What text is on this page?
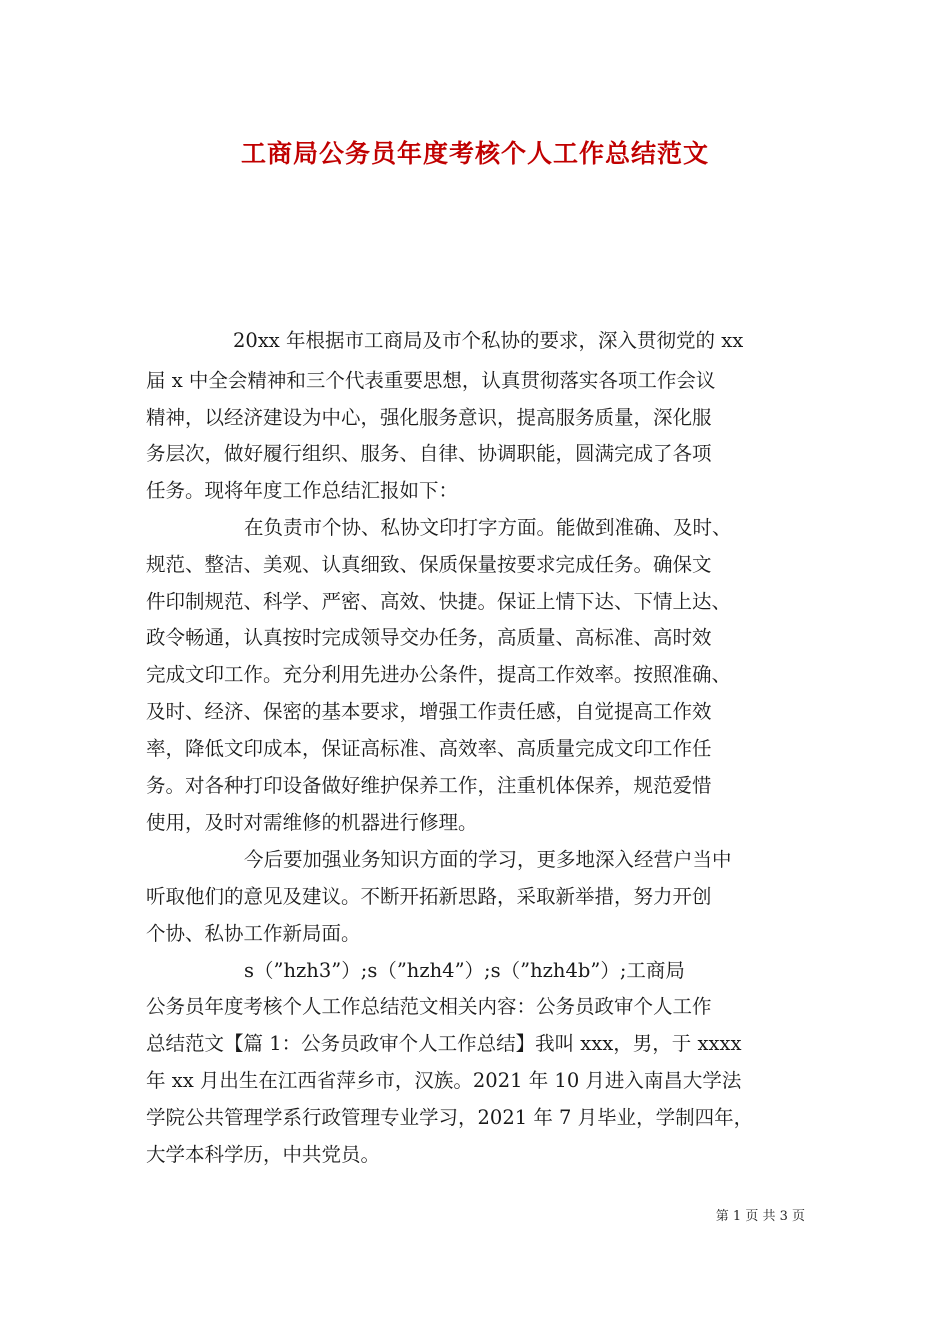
工商局公务员年度考核个人工作总结范文
20xx 年根据市工商局及市个私协的要求，深入贯彻党的 xx
届 x 中全会精神和三个代表重要思想，认真贯彻落实各项工作会议
精神，以经济建设为中心，强化服务意识，提高服务质量，深化服
务层次，做好履行组织、服务、自律、协调职能，圆满完成了各项
任务。现将年度工作总结汇报如下：
在负责市个协、私协文印打字方面。能做到准确、及时、
规范、整洁、美观、认真细致、保质保量按要求完成任务。确保文
件印制规范、科学、严密、高效、快捷。保证上情下达、下情上达、
政令畅通，认真按时完成领导交办任务，高质量、高标准、高时效
完成文印工作。充分利用先进办公条件，提高工作效率。按照准确、
及时、经济、保密的基本要求，增强工作责任感，自觉提高工作效
率，降低文印成本，保证高标准、高效率、高质量完成文印工作任
务。对各种打印设备做好维护保养工作，注重机体保养，规范爱惜
使用，及时对需维修的机器进行修理。
今后要加强业务知识方面的学习，更多地深入经营户当中
听取他们的意见及建议。不断开拓新思路，采取新举措，努力开创
个协、私协工作新局面。
s（”hzh3”）;s（”hzh4”）;s（”hzh4b”）;工商局
公务员年度考核个人工作总结范文相关内容：公务员政审个人工作
总结范文【篇 1：公务员政审个人工作总结】我叫 xxx，男，于 xxxx
年 xx 月出生在江西省萍乡市，汉族。2021 年 10 月进入南昌大学法
学院公共管理学系行政管理专业学习，2021 年 7 月毕业，学制四年，
大学本科学历，中共党员。
第 1 页 共 3 页
